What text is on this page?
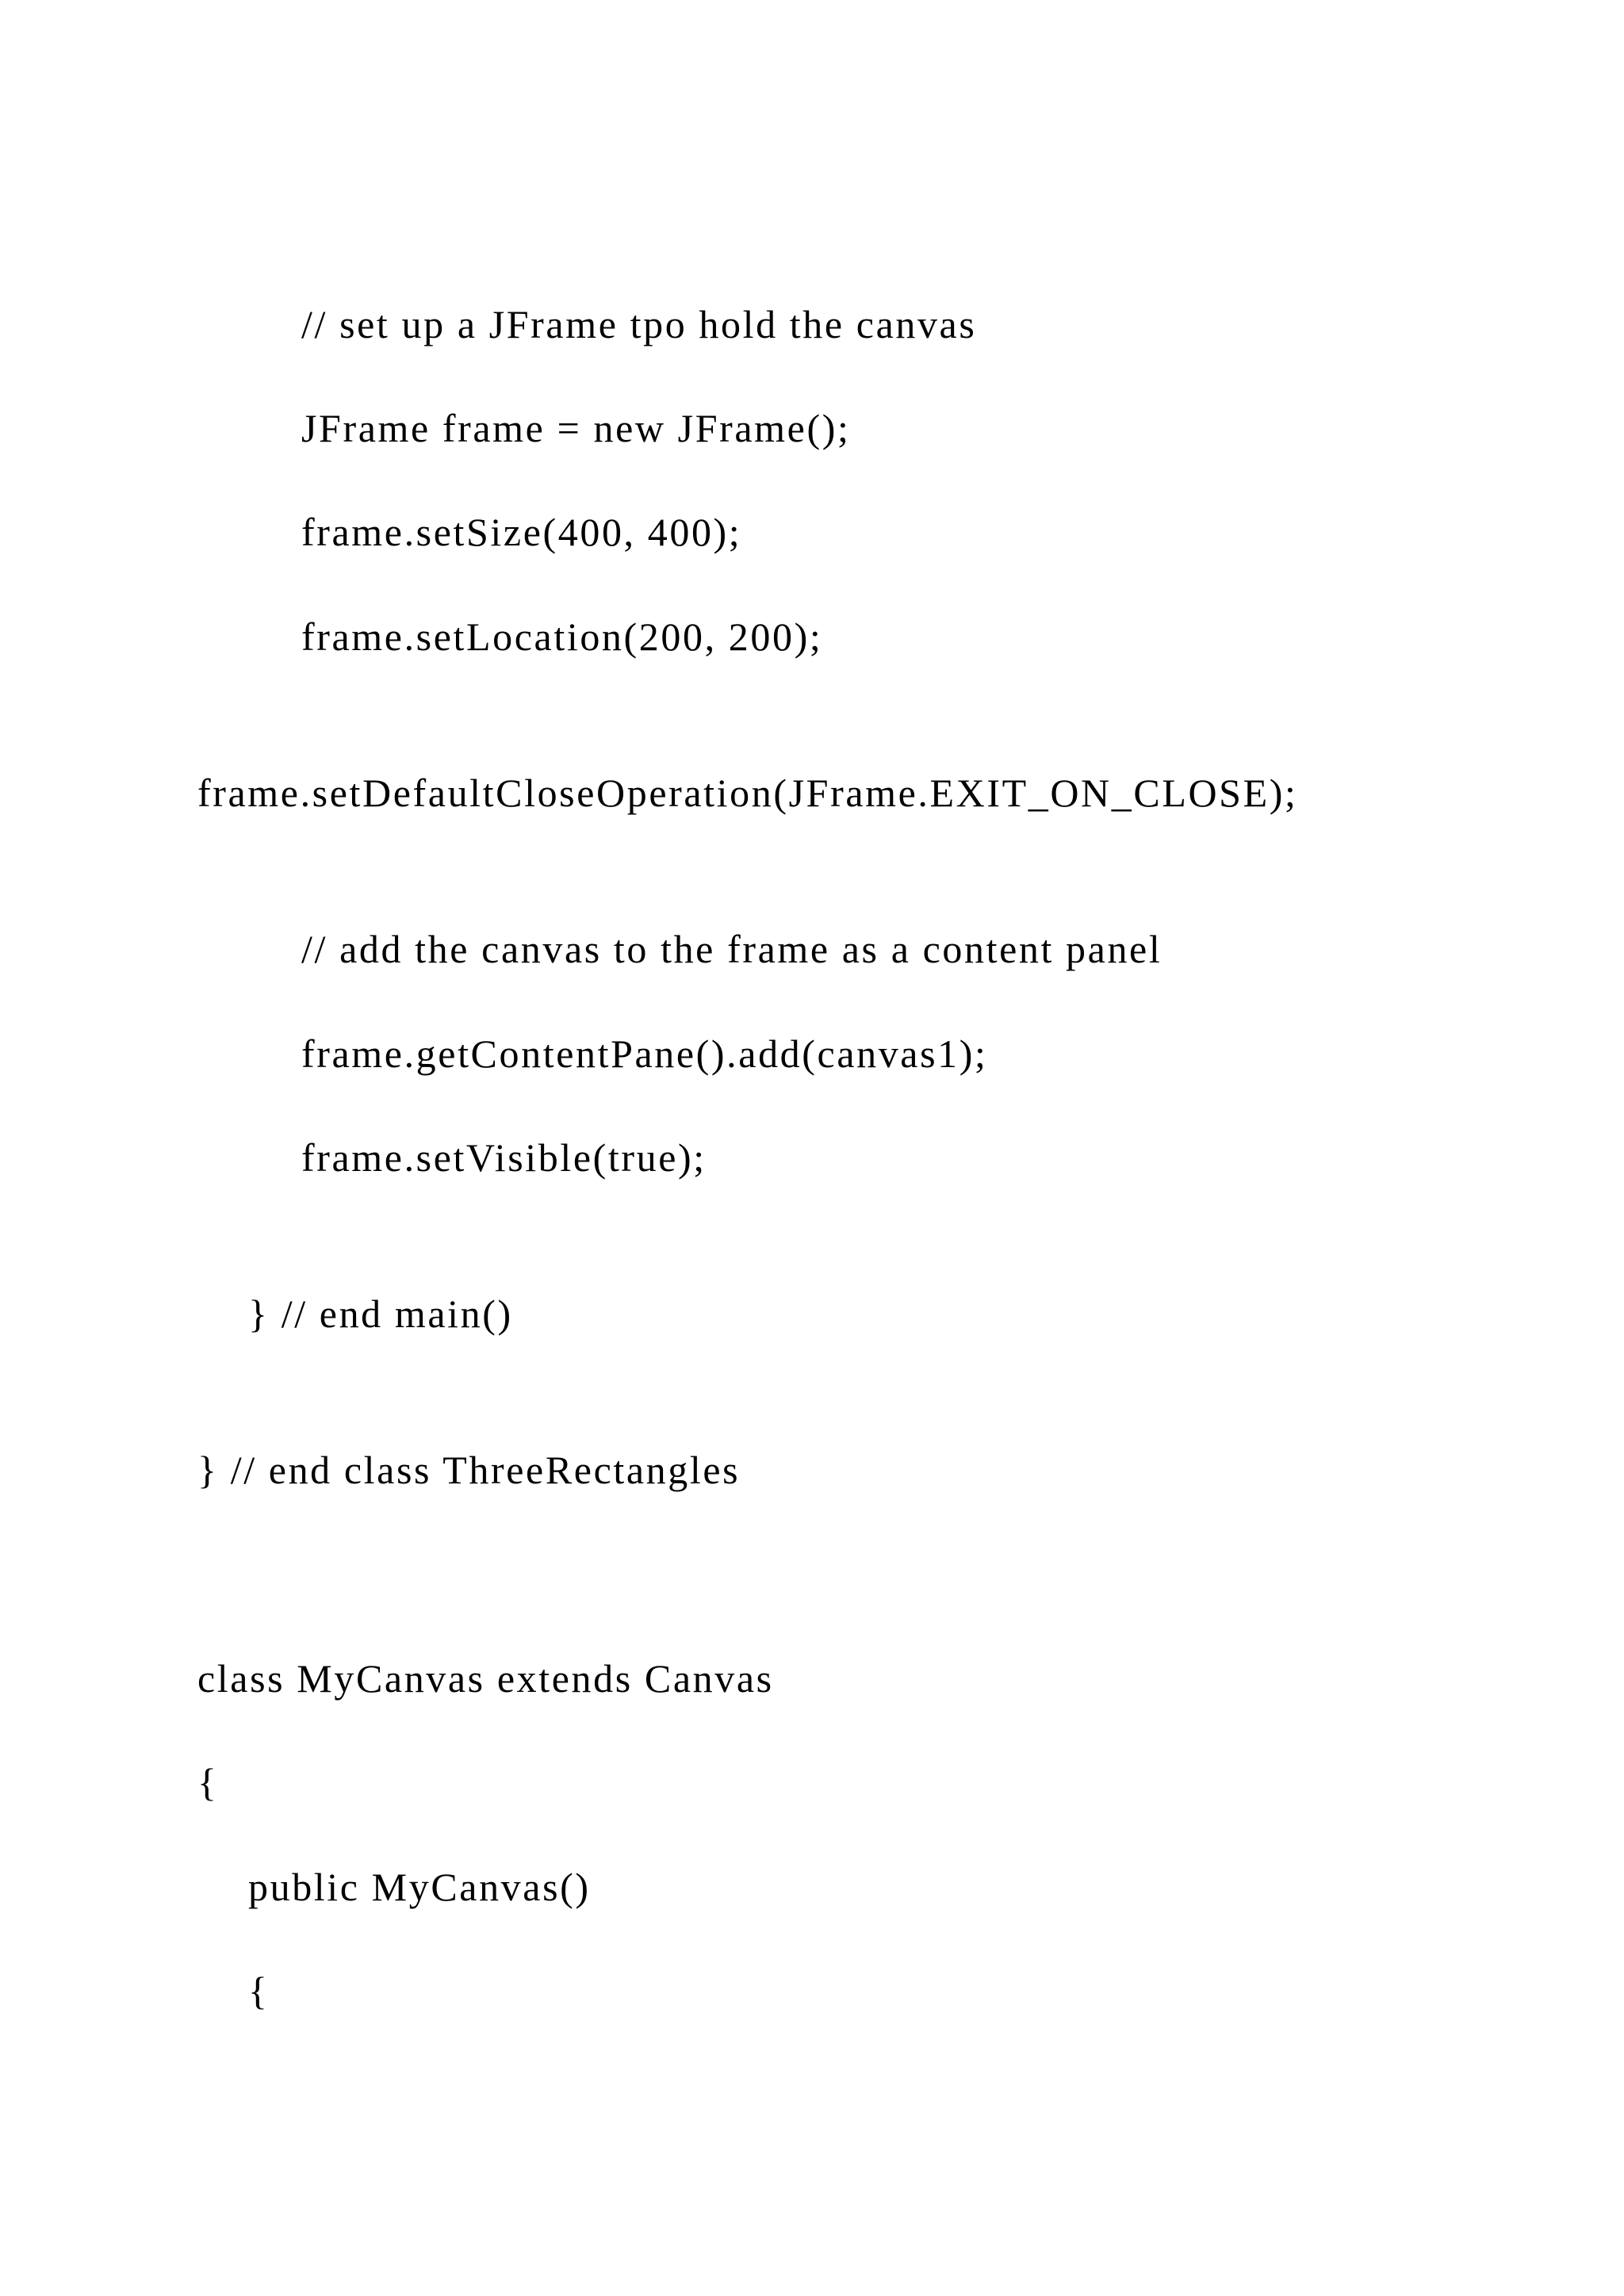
// set up a JFrame tpo hold the canvas

JFrame frame = new JFrame();

frame.setSize(400, 400);

frame.setLocation(200, 200);

frame.setDefaultCloseOperation(JFrame.EXIT_ON_CLOSE);

// add the canvas to the frame as a content panel

frame.getContentPane().add(canvas1);

frame.setVisible(true);

} // end main()

} // end class ThreeRectangles

class MyCanvas extends Canvas

{

public MyCanvas()

{
